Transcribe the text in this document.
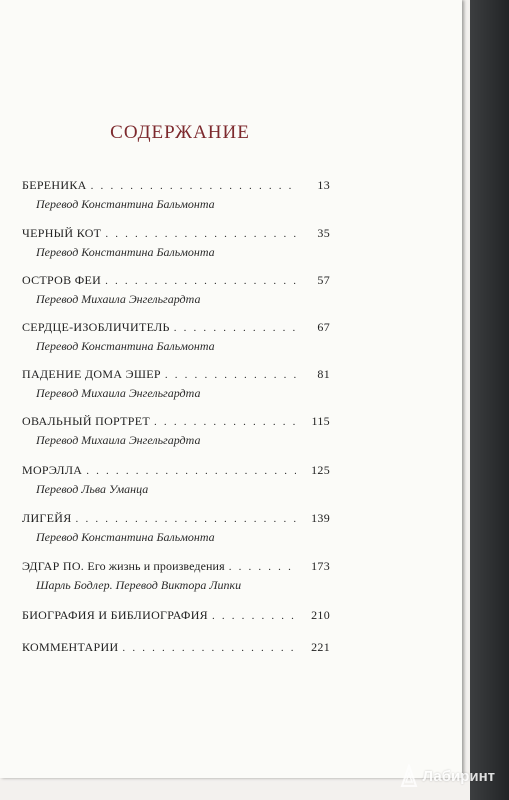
СОДЕРЖАНИЕ
БЕРЕНИКА . . .	13
Перевод Константина Бальмонта
ЧЕРНЫЙ КОТ . . .	35
Перевод Константина Бальмонта
ОСТРОВ ФЕИ . . .	57
Перевод Михаила Энгельгардта
СЕРДЦЕ-ИЗОБЛИЧИТЕЛЬ . . .	67
Перевод Константина Бальмонта
ПАДЕНИЕ ДОМА ЭШЕР . . .	81
Перевод Михаила Энгельгардта
ОВАЛЬНЫЙ ПОРТРЕТ . . .	115
Перевод Михаила Энгельгардта
МОРЭЛЛА . . .	125
Перевод Льва Уманца
ЛИГЕЙЯ . . .	139
Перевод Константина Бальмонта
ЭДГАР ПО. Его жизнь и произведения . . .	173
Шарль Бодлер. Перевод Виктора Липки
БИОГРАФИЯ И БИБЛИОГРАФИЯ . . .	210
КОММЕНТАРИИ . . .	221
Лабиринт
